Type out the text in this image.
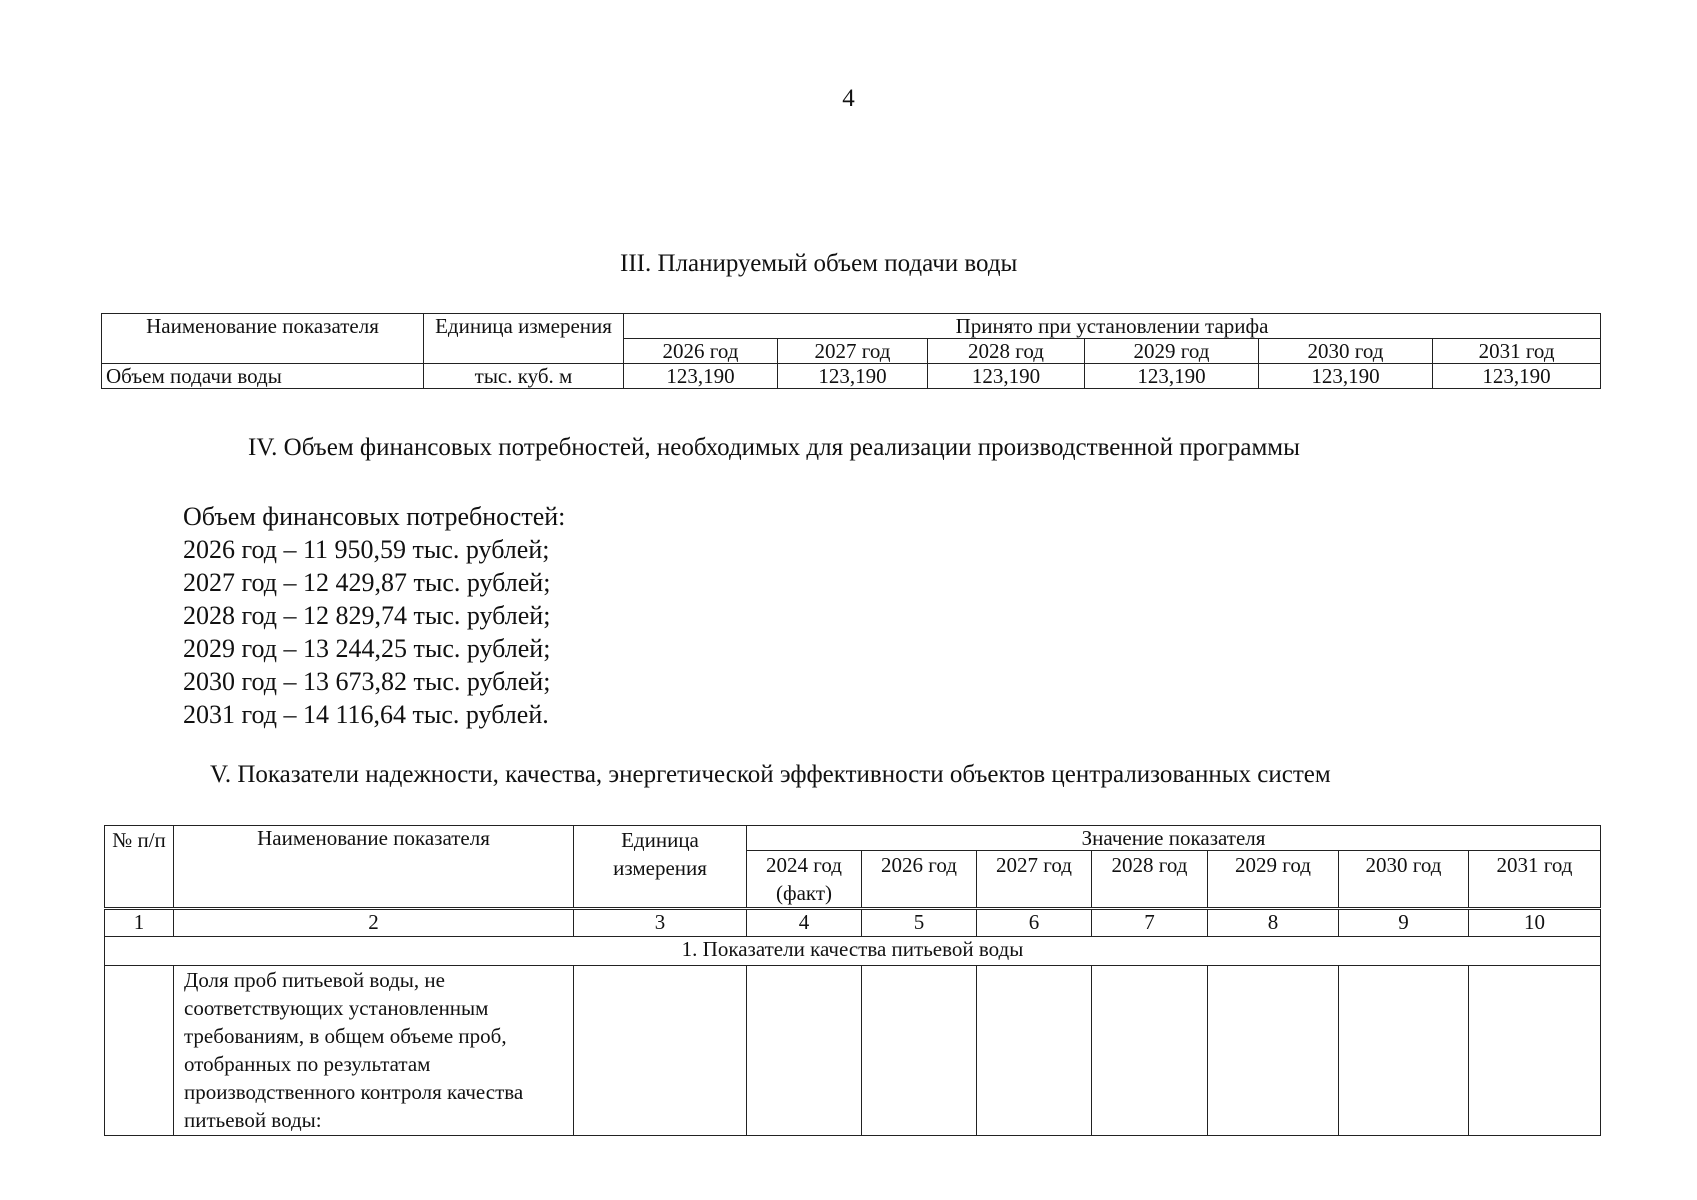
4
III. Планируемый объем подачи воды
Наименование показателя	Единица измерения	Принято при установлении тарифа					
		2026 год	2027 год	2028 год	2029 год	2030 год	2031 год
Объем подачи воды	тыс. куб. м	123,190	123,190	123,190	123,190	123,190	123,190
IV. Объем финансовых потребностей, необходимых для реализации производственной программы
Объем финансовых потребностей:
2026 год – 11 950,59 тыс. рублей;
2027 год – 12 429,87 тыс. рублей;
2028 год – 12 829,74 тыс. рублей;
2029 год – 13 244,25 тыс. рублей;
2030 год – 13 673,82 тыс. рублей;
2031 год – 14 116,64 тыс. рублей.
V. Показатели надежности, качества, энергетической эффективности объектов централизованных систем
№ п/п	Наименование показателя	Единица измерения	Значение показателя						
			2024 год (факт)	2026 год	2027 год	2028 год	2029 год	2030 год	2031 год
1	2	3	4	5	6	7	8	9	10
1. Показатели качества питьевой воды									
	Доля проб питьевой воды, не соответствующих установленным требованиям, в общем объеме проб, отобранных по результатам производственного контроля качества питьевой воды:								
